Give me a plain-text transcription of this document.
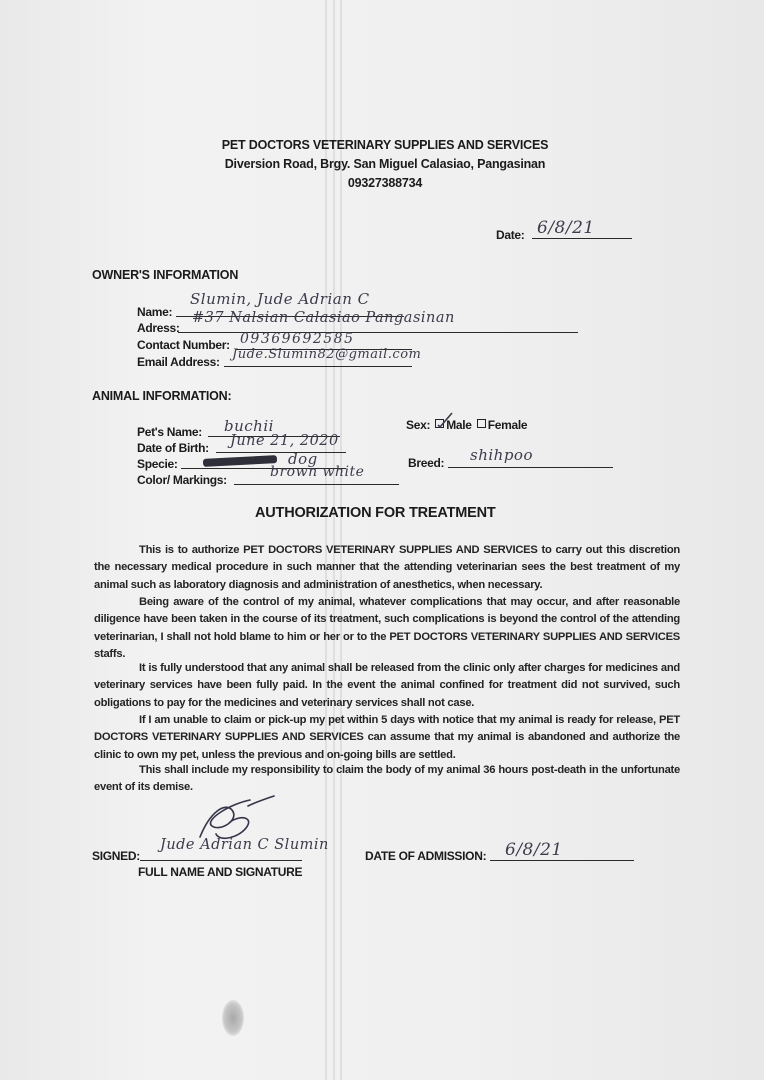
PET DOCTORS VETERINARY SUPPLIES AND SERVICES
Diversion Road, Brgy. San Miguel Calasiao, Pangasinan
09327388734
Date: 6/8/21
OWNER'S INFORMATION
Name:
Slumin, Jude Adrian C
Adress:
#37 Nalsian Calasiao Pangasinan
Contact Number: 09369692585
Email Address: Jude.Slumin82@gmail.com
ANIMAL INFORMATION:
Pet's Name: buchii
Date of Birth: June 21, 2020
Specie:	dog
Color/ Markings:	brown white
Sex: Male Female
Breed: shihpoo
AUTHORIZATION FOR TREATMENT
This is to authorize PET DOCTORS VETERINARY SUPPLIES AND SERVICES to carry out this discretion the necessary medical procedure in such manner that the attending veterinarian sees the best treatment of my animal such as laboratory diagnosis and administration of anesthetics, when necessary.
Being aware of the control of my animal, whatever complications that may occur, and after reasonable diligence have been taken in the course of its treatment, such complications is beyond the control of the attending veterinarian, I shall not hold blame to him or her or to the PET DOCTORS VETERINARY SUPPLIES AND SERVICES staffs.
It is fully understood that any animal shall be released from the clinic only after charges for medicines and veterinary services have been fully paid. In the event the animal confined for treatment did not survived, such obligations to pay for the medicines and veterinary services shall not case.
If I am unable to claim or pick-up my pet within 5 days with notice that my animal is ready for release, PET DOCTORS VETERINARY SUPPLIES AND SERVICES can assume that my animal is abandoned and authorize the clinic to own my pet, unless the previous and on-going bills are settled.
This shall include my responsibility to claim the body of my animal 36 hours post-death in the unfortunate event of its demise.
SIGNED:
Jude Adrian C Slumin
FULL NAME AND SIGNATURE
DATE OF ADMISSION: 6/8/21
